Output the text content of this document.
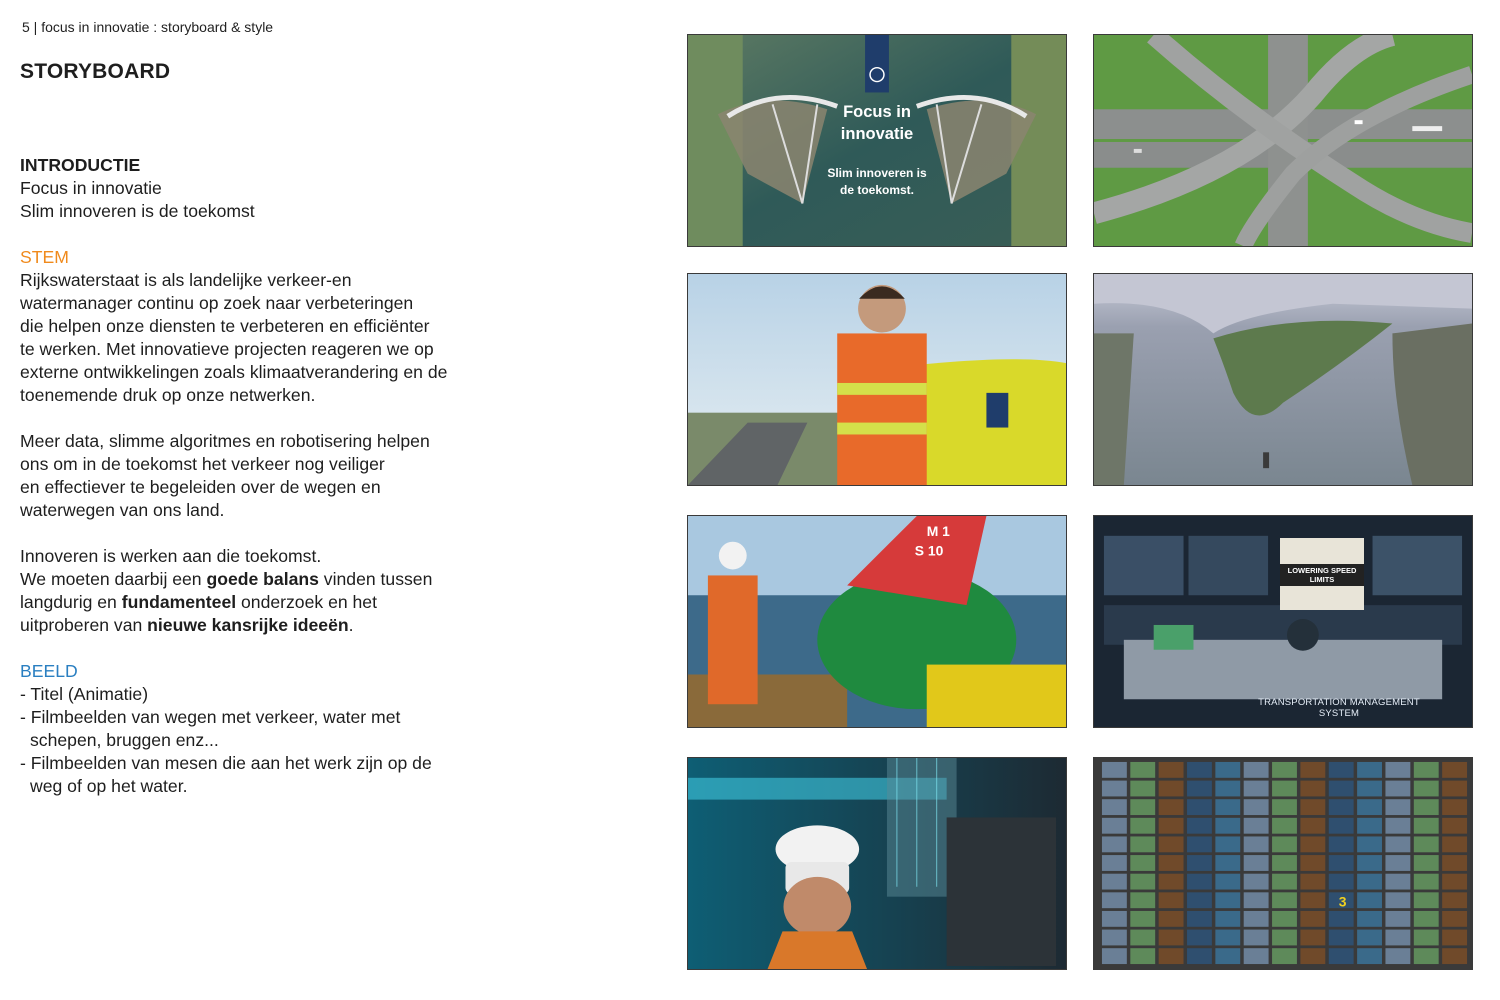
5 | focus in innovatie : storyboard & style
STORYBOARD

INTRODUCTIE

Focus in innovatie

Slim innoveren is de toekomst

STEM

Rijkswaterstaat is als landelijke verkeer-en

watermanager continu op zoek naar verbeteringen

die helpen onze diensten te verbeteren en efficiënter

te werken. Met innovatieve projecten reageren we op

externe ontwikkelingen zoals klimaatverandering en de

toenemende druk op onze netwerken.

Meer data, slimme algoritmes en robotisering helpen

ons om in de toekomst het verkeer nog veiliger

en effectiever te begeleiden over de wegen en

waterwegen van ons land.

Innoveren is werken aan die toekomst.

We moeten daarbij een goede balans vinden tussen

langdurig en fundamenteel onderzoek en het

uitproberen van nieuwe kansrijke ideeën.

BEELD

- Titel (Animatie)

- Filmbeelden van wegen met verkeer, water met

schepen, bruggen enz...

- Filmbeelden van mesen die aan het werk zijn op de

weg of op het water.

Focus in
innovatie
Slim innoveren is
de toekomst.
M 1
S 10
LOWERING SPEED LIMITS
TRANSPORTATION MANAGEMENT SYSTEM
3
